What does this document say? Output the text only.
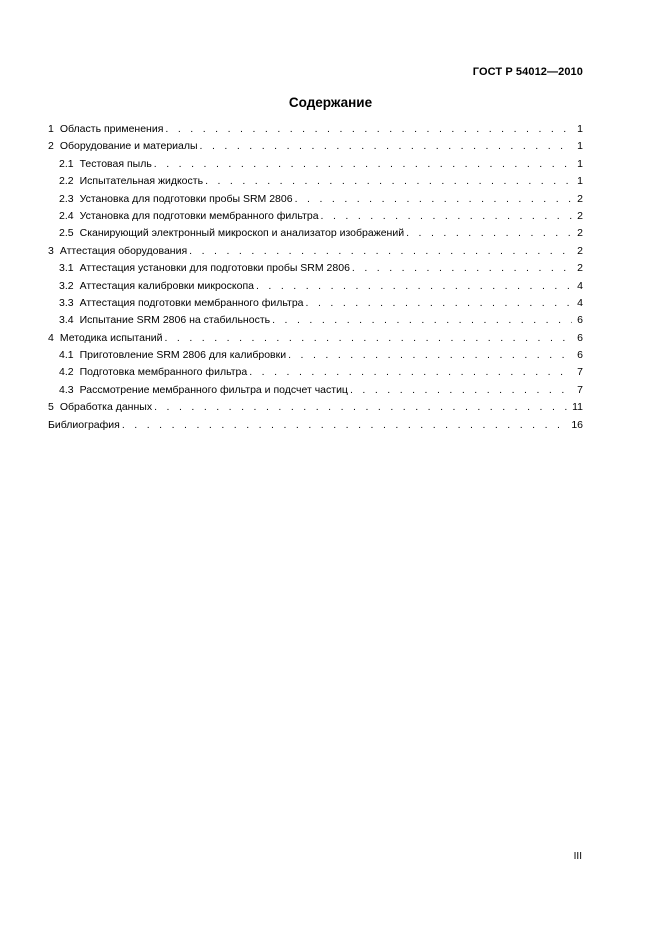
ГОСТ Р 54012—2010
Содержание
1 Область применения . . .	1
2 Оборудование и материалы . . .	1
2.1 Тестовая пыль . . .	1
2.2 Испытательная жидкость . . .	1
2.3 Установка для подготовки пробы SRM 2806 . . .	2
2.4 Установка для подготовки мембранного фильтра . . .	2
2.5 Сканирующий электронный микроскоп и анализатор изображений . . .	2
3 Аттестация оборудования . . .	2
3.1 Аттестация установки для подготовки пробы SRM 2806 . . .	2
3.2 Аттестация калибровки микроскопа . . .	4
3.3 Аттестация подготовки мембранного фильтра . . .	4
3.4 Испытание SRM 2806 на стабильность . . .	6
4 Методика испытаний . . .	6
4.1 Приготовление SRM 2806 для калибровки . . .	6
4.2 Подготовка мембранного фильтра . . .	7
4.3 Рассмотрение мембранного фильтра и подсчет частиц . . .	7
5 Обработка данных . . .	11
Библиография . . .	16
III
